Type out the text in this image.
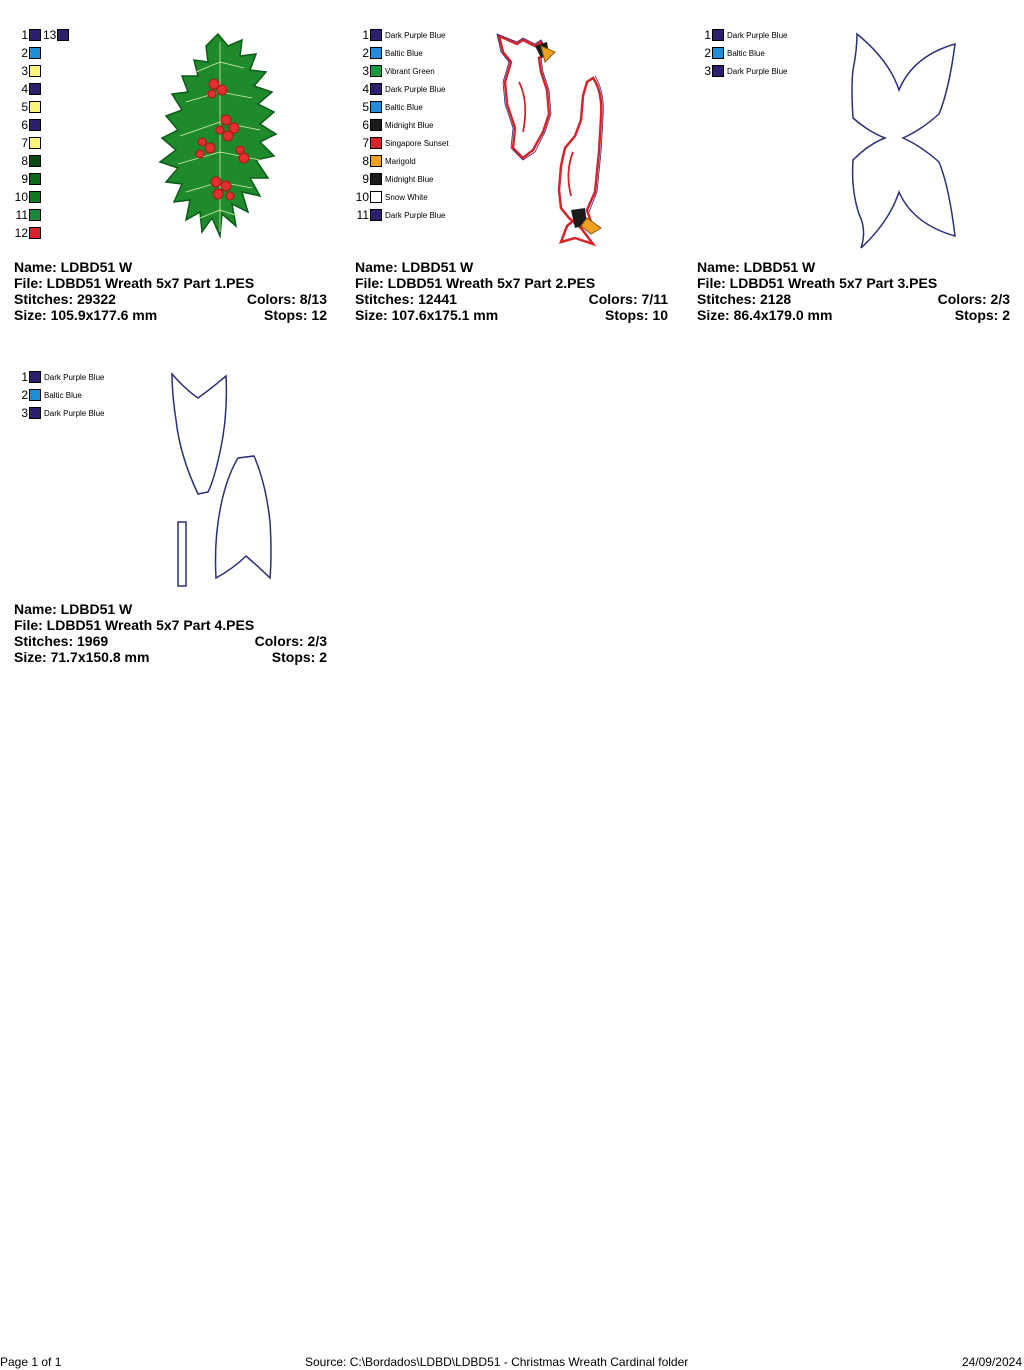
1 13
2
3
4
5
6
7
8
9
10
11
12
Name: LDBD51 W
File: LDBD51 Wreath 5x7 Part 1.PES
Stitches: 29322	Colors: 8/13
Size: 105.9x177.6 mm	Stops: 12
1 Dark Purple Blue
2 Baltic Blue
3 Vibrant Green
4 Dark Purple Blue
5 Baltic Blue
6 Midnight Blue
7 Singapore Sunset
8 Marigold
9 Midnight Blue
10 Snow White
11 Dark Purple Blue
Name: LDBD51 W
File: LDBD51 Wreath 5x7 Part 2.PES
Stitches: 12441	Colors: 7/11
Size: 107.6x175.1 mm	Stops: 10
1 Dark Purple Blue
2 Baltic Blue
3 Dark Purple Blue
Name: LDBD51 W
File: LDBD51 Wreath 5x7 Part 3.PES
Stitches: 2128	Colors: 2/3
Size: 86.4x179.0 mm	Stops: 2
1 Dark Purple Blue
2 Baltic Blue
3 Dark Purple Blue
Name: LDBD51 W
File: LDBD51 Wreath 5x7 Part 4.PES
Stitches: 1969	Colors: 2/3
Size: 71.7x150.8 mm	Stops: 2
Page 1 of 1	Source: C:\Bordados\LDBD\LDBD51 - Christmas Wreath Cardinal folder	24/09/2024
